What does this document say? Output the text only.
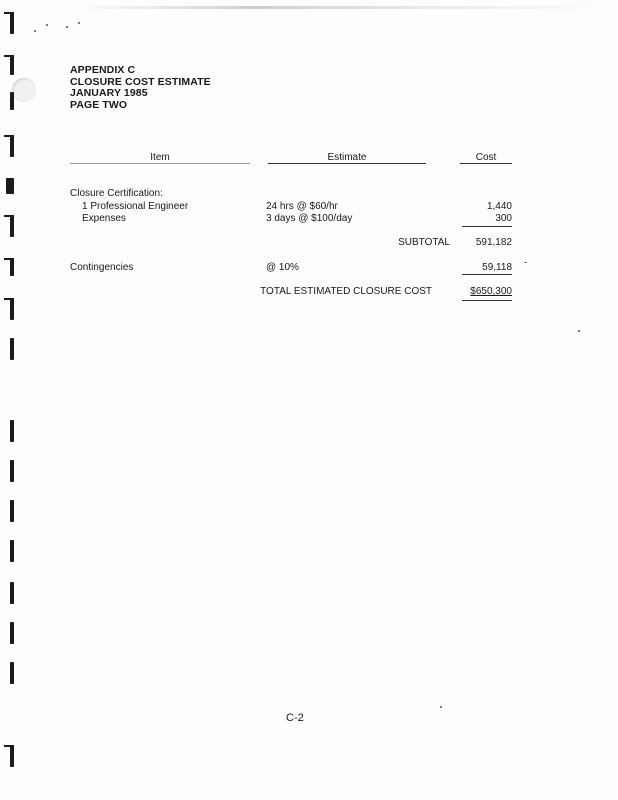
APPENDIX C
CLOSURE COST ESTIMATE
JANUARY 1985
PAGE TWO
Item	Estimate	Cost
Closure Certification:
1 Professional Engineer	24 hrs @ $60/hr	1,440
Expenses	3 days @ $100/day	300
SUBTOTAL	591,182
Contingencies	@ 10%	59,118
TOTAL ESTIMATED CLOSURE COST	$650,300
C-2
